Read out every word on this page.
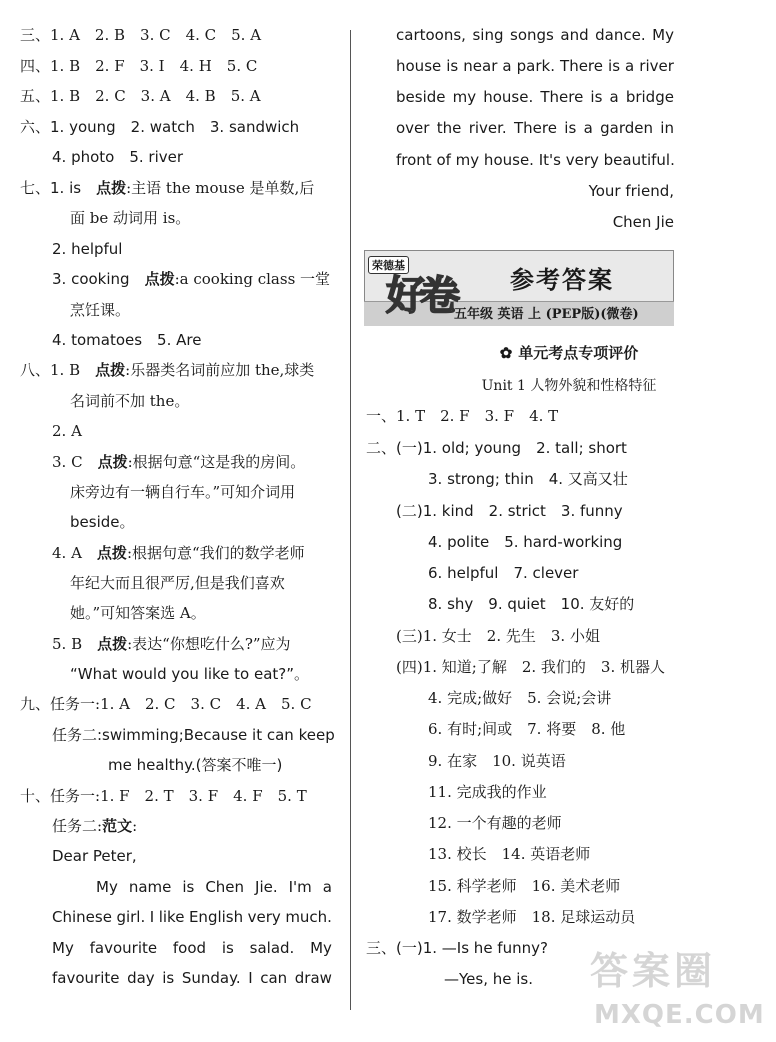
三、1. A　2. B　3. C　4. C　5. A
四、1. B　2. F　3. I　4. H　5. C
五、1. B　2. C　3. A　4. B　5. A
六、1. young　2. watch　3. sandwich
4. photo　5. river
七、1. is　点拨:主语 the mouse 是单数,后
面 be 动词用 is。
2. helpful
3. cooking　点拨:a cooking class 一堂
烹饪课。
4. tomatoes　5. Are
八、1. B　点拨:乐器类名词前应加 the,球类
名词前不加 the。
2. A
3. C　点拨:根据句意“这是我的房间。
床旁边有一辆自行车。”可知介词用
beside。
4. A　点拨:根据句意“我们的数学老师
年纪大而且很严厉,但是我们喜欢
她。”可知答案选 A。
5. B　点拨:表达“你想吃什么?”应为
“What would you like to eat?”。
九、任务一:1. A　2. C　3. C　4. A　5. C
任务二:swimming;Because it can keep
me healthy.(答案不唯一)
十、任务一:1. F　2. T　3. F　4. F　5. T
任务二:范文:
Dear Peter,
My name is Chen Jie. I'm a
Chinese girl. I like English very much.
My favourite food is salad. My
favourite day is Sunday. I can draw
cartoons, sing songs and dance. My
house is near a park. There is a river
beside my house. There is a bridge
over the river. There is a garden in
front of my house. It's very beautiful.
Your friend,
Chen Jie
荣德基
好卷 参考答案
五年级 英语 上 (PEP版)(微卷)
✿ 单元考点专项评价
Unit 1 人物外貌和性格特征
一、1. T　2. F　3. F　4. T
二、(一)1. old; young　2. tall; short
3. strong; thin　4. 又高又壮
(二)1. kind　2. strict　3. funny
4. polite　5. hard-working
6. helpful　7. clever
8. shy　9. quiet　10. 友好的
(三)1. 女士　2. 先生　3. 小姐
(四)1. 知道;了解　2. 我们的　3. 机器人
4. 完成;做好　5. 会说;会讲
6. 有时;间或　7. 将要　8. 他
9. 在家　10. 说英语
11. 完成我的作业
12. 一个有趣的老师
13. 校长　14. 英语老师
15. 科学老师　16. 美术老师
17. 数学老师　18. 足球运动员
三、(一)1. —Is he funny?
—Yes, he is. 答案圈
MXQE.COM
